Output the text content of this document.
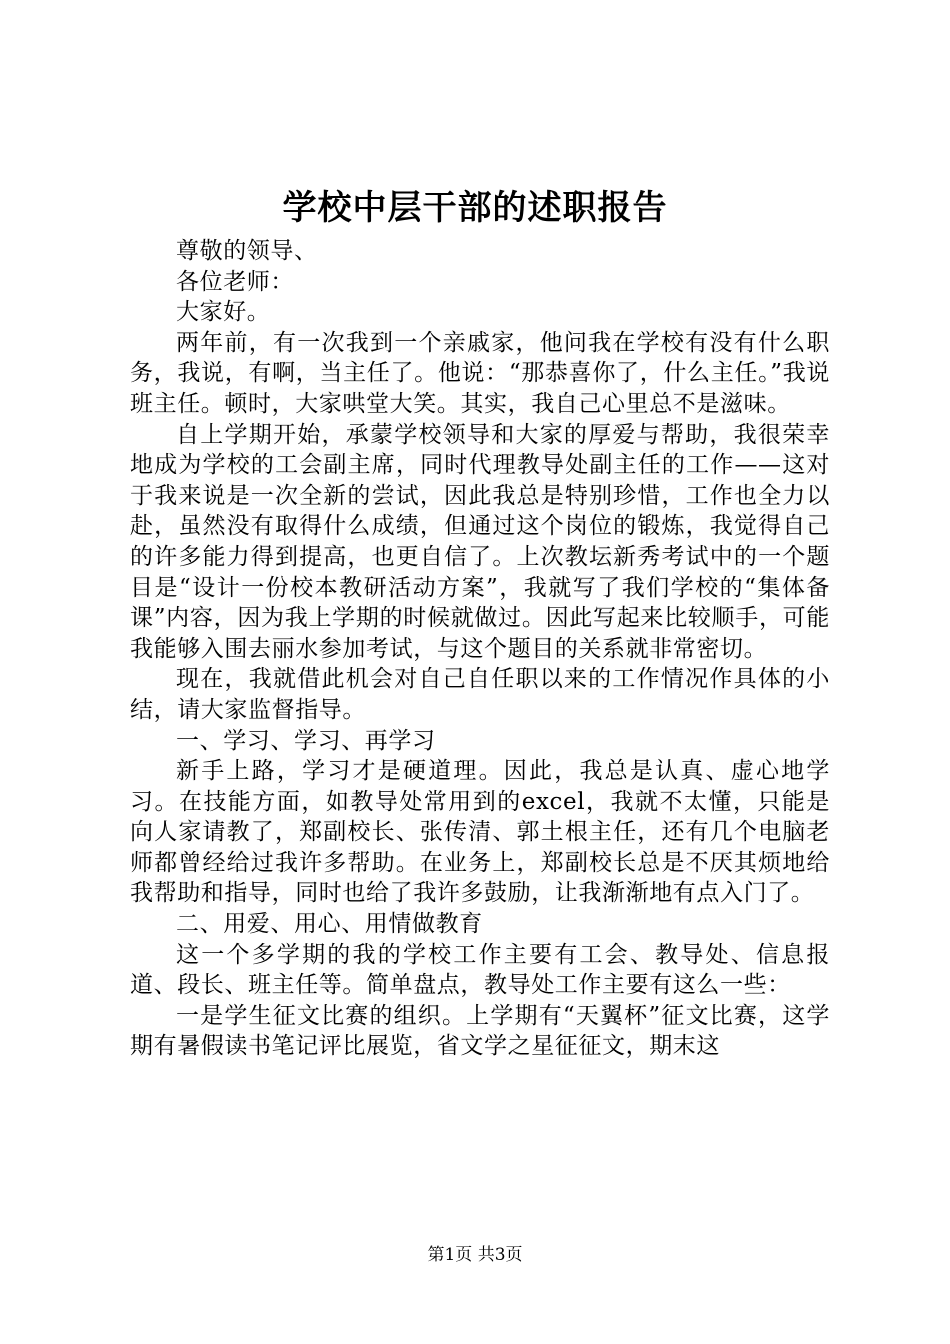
学校中层干部的述职报告

尊敬的领导、

各位老师：

大家好。

两年前，有一次我到一个亲戚家，他问我在学校有没有什么职务，我说，有啊，当主任了。他说：“那恭喜你了，什么主任。”我说班主任。顿时，大家哄堂大笑。其实，我自己心里总不是滋味。

自上学期开始，承蒙学校领导和大家的厚爱与帮助，我很荣幸地成为学校的工会副主席，同时代理教导处副主任的工作——这对于我来说是一次全新的尝试，因此我总是特别珍惜，工作也全力以赴，虽然没有取得什么成绩，但通过这个岗位的锻炼，我觉得自己的许多能力得到提高，也更自信了。上次教坛新秀考试中的一个题目是“设计一份校本教研活动方案”，我就写了我们学校的“集体备课”内容，因为我上学期的时候就做过。因此写起来比较顺手，可能我能够入围去丽水参加考试，与这个题目的关系就非常密切。

现在，我就借此机会对自己自任职以来的工作情况作具体的小结，请大家监督指导。

一、学习、学习、再学习

新手上路，学习才是硬道理。因此，我总是认真、虚心地学习。在技能方面，如教导处常用到的excel，我就不太懂，只能是向人家请教了，郑副校长、张传清、郭土根主任，还有几个电脑老师都曾经给过我许多帮助。在业务上，郑副校长总是不厌其烦地给我帮助和指导，同时也给了我许多鼓励，让我渐渐地有点入门了。

二、用爱、用心、用情做教育

这一个多学期的我的学校工作主要有工会、教导处、信息报道、段长、班主任等。简单盘点，教导处工作主要有这么一些：

一是学生征文比赛的组织。上学期有“天翼杯”征文比赛，这学期有暑假读书笔记评比展览，省文学之星征征文，期末这

第1页 共3页
